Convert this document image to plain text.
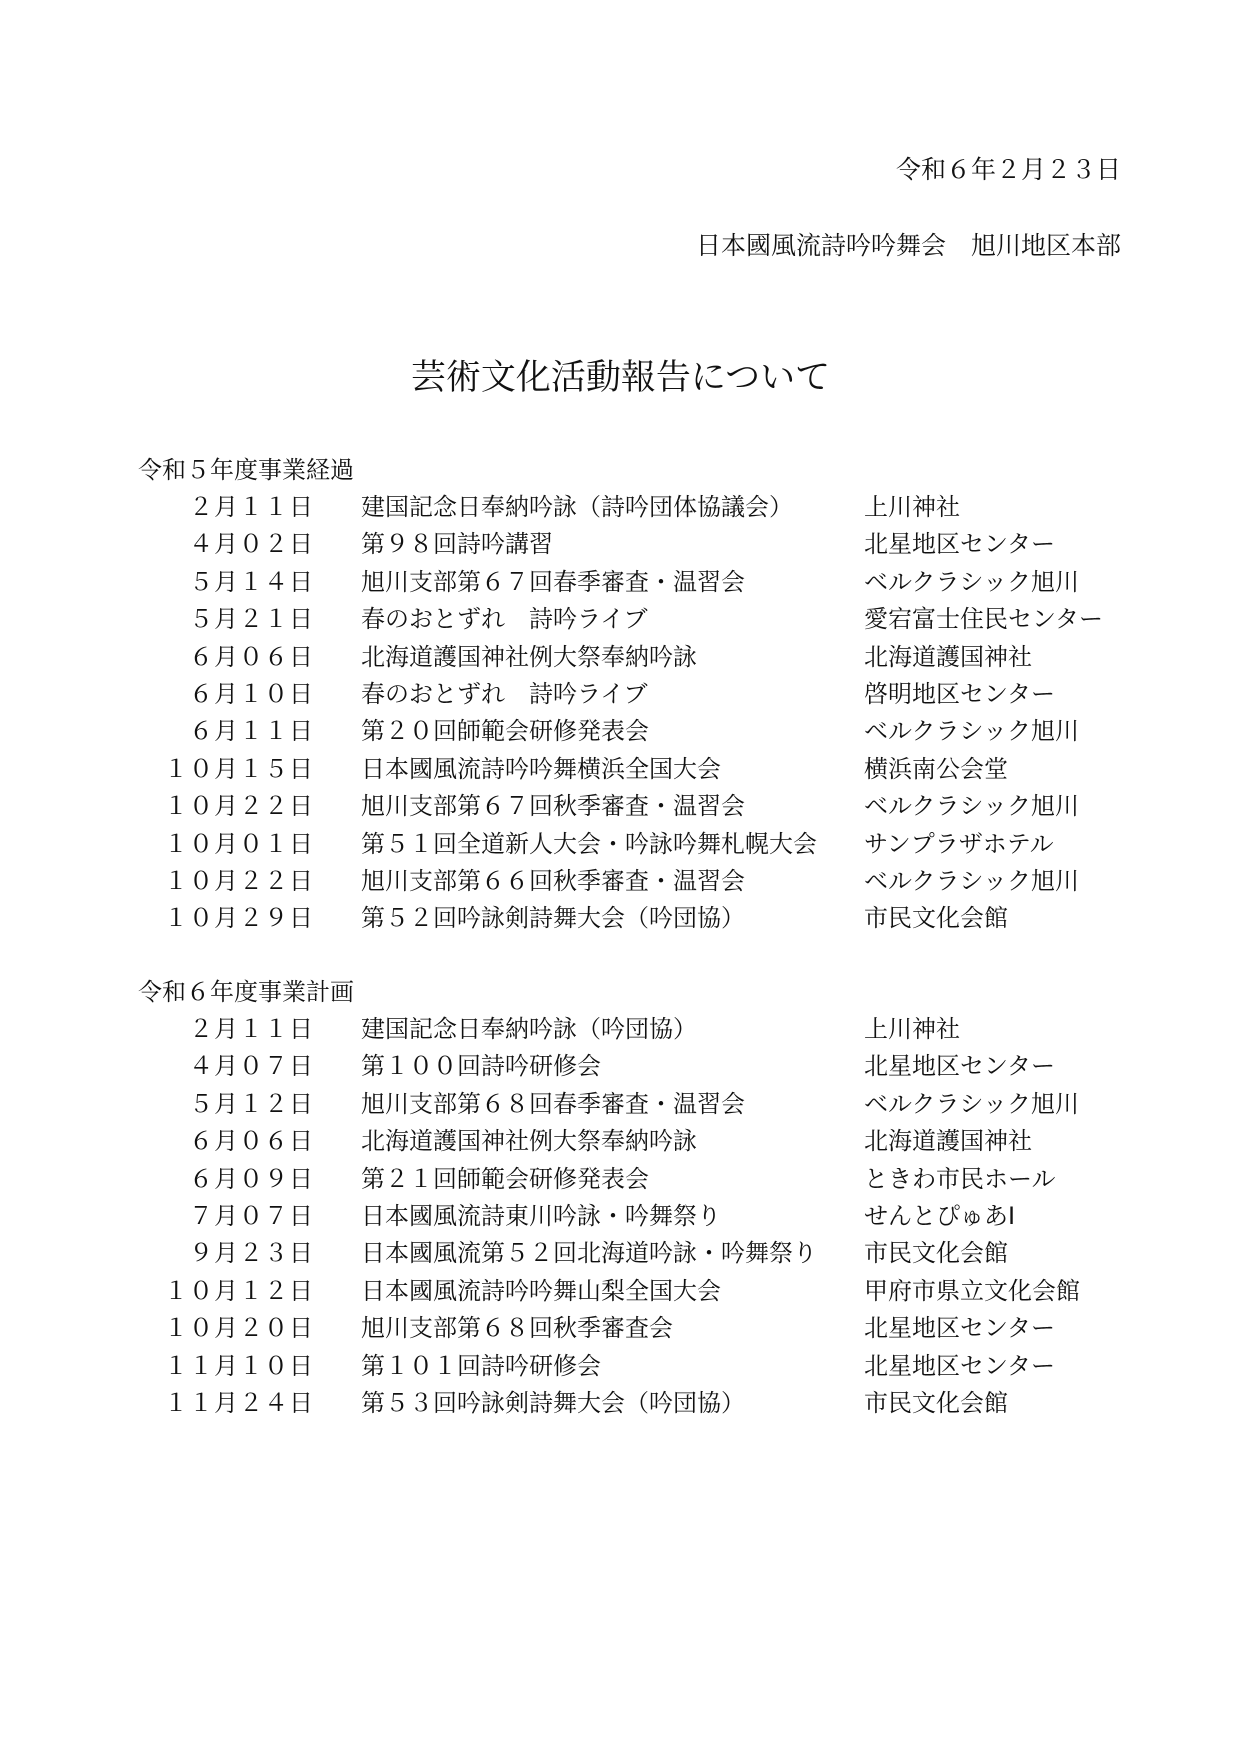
令和６年２月２３日
日本國風流詩吟吟舞会　旭川地区本部
芸術文化活動報告について
令和５年度事業経過
２月１１日 建国記念日奉納吟詠（詩吟団体協議会）	上川神社
４月０２日 第９８回詩吟講習	北星地区センター
５月１４日 旭川支部第６７回春季審査・温習会	ベルクラシック旭川
５月２１日 春のおとずれ　詩吟ライブ	愛宕富士住民センター
６月０６日 北海道護国神社例大祭奉納吟詠	北海道護国神社
６月１０日 春のおとずれ　詩吟ライブ	啓明地区センター
６月１１日 第２０回師範会研修発表会	ベルクラシック旭川
１０月１５日 日本國風流詩吟吟舞横浜全国大会	横浜南公会堂
１０月２２日 旭川支部第６７回秋季審査・温習会	ベルクラシック旭川
１０月０１日 第５１回全道新人大会・吟詠吟舞札幌大会	サンプラザホテル
１０月２２日 旭川支部第６６回秋季審査・温習会	ベルクラシック旭川
１０月２９日 第５２回吟詠剣詩舞大会（吟団協）	市民文化会館
令和６年度事業計画
２月１１日 建国記念日奉納吟詠（吟団協）	上川神社
４月０７日 第１００回詩吟研修会	北星地区センター
５月１２日 旭川支部第６８回春季審査・温習会	ベルクラシック旭川
６月０６日 北海道護国神社例大祭奉納吟詠	北海道護国神社
６月０９日 第２１回師範会研修発表会	ときわ市民ホール
７月０７日 日本國風流詩東川吟詠・吟舞祭り	せんとぴゅあⅠ
９月２３日 日本國風流第５２回北海道吟詠・吟舞祭り	市民文化会館
１０月１２日 日本國風流詩吟吟舞山梨全国大会	甲府市県立文化会館
１０月２０日 旭川支部第６８回秋季審査会	北星地区センター
１１月１０日 第１０１回詩吟研修会	北星地区センター
１１月２４日 第５３回吟詠剣詩舞大会（吟団協）	市民文化会館
